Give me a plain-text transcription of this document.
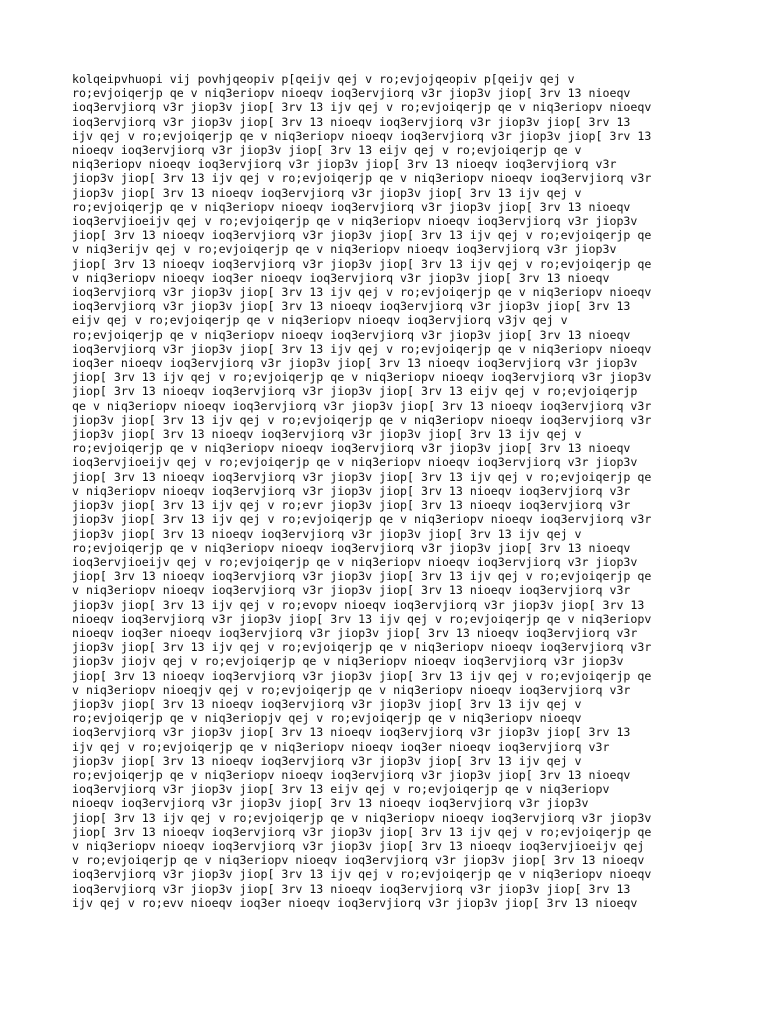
kolqeipvhuopi vij povhjqeopiv p[qeijv qej v ro;evjojqeopiv p[qeijv qej v

ro;evjoiqerjp qe v niq3eriopv nioeqv ioq3ervjiorq v3r jiop3v jiop[ 3rv 13 nioeqv

ioq3ervjiorq v3r jiop3v jiop[ 3rv 13 ijv qej v ro;evjoiqerjp qe v niq3eriopv nioeqv

ioq3ervjiorq v3r jiop3v jiop[ 3rv 13 nioeqv ioq3ervjiorq v3r jiop3v jiop[ 3rv 13

ijv qej v ro;evjoiqerjp qe v niq3eriopv nioeqv ioq3ervjiorq v3r jiop3v jiop[ 3rv 13

nioeqv ioq3ervjiorq v3r jiop3v jiop[ 3rv 13 eijv qej v ro;evjoiqerjp qe v

niq3eriopv nioeqv ioq3ervjiorq v3r jiop3v jiop[ 3rv 13 nioeqv ioq3ervjiorq v3r

jiop3v jiop[ 3rv 13 ijv qej v ro;evjoiqerjp qe v niq3eriopv nioeqv ioq3ervjiorq v3r

jiop3v jiop[ 3rv 13 nioeqv ioq3ervjiorq v3r jiop3v jiop[ 3rv 13 ijv qej v

ro;evjoiqerjp qe v niq3eriopv nioeqv ioq3ervjiorq v3r jiop3v jiop[ 3rv 13 nioeqv

ioq3ervjioeijv qej v ro;evjoiqerjp qe v niq3eriopv nioeqv ioq3ervjiorq v3r jiop3v

jiop[ 3rv 13 nioeqv ioq3ervjiorq v3r jiop3v jiop[ 3rv 13 ijv qej v ro;evjoiqerjp qe

v niq3erijv qej v ro;evjoiqerjp qe v niq3eriopv nioeqv ioq3ervjiorq v3r jiop3v

jiop[ 3rv 13 nioeqv ioq3ervjiorq v3r jiop3v jiop[ 3rv 13 ijv qej v ro;evjoiqerjp qe

v niq3eriopv nioeqv ioq3er nioeqv ioq3ervjiorq v3r jiop3v jiop[ 3rv 13 nioeqv

ioq3ervjiorq v3r jiop3v jiop[ 3rv 13 ijv qej v ro;evjoiqerjp qe v niq3eriopv nioeqv

ioq3ervjiorq v3r jiop3v jiop[ 3rv 13 nioeqv ioq3ervjiorq v3r jiop3v jiop[ 3rv 13

eijv qej v ro;evjoiqerjp qe v niq3eriopv nioeqv ioq3ervjiorq v3jv qej v

ro;evjoiqerjp qe v niq3eriopv nioeqv ioq3ervjiorq v3r jiop3v jiop[ 3rv 13 nioeqv

ioq3ervjiorq v3r jiop3v jiop[ 3rv 13 ijv qej v ro;evjoiqerjp qe v niq3eriopv nioeqv

ioq3er nioeqv ioq3ervjiorq v3r jiop3v jiop[ 3rv 13 nioeqv ioq3ervjiorq v3r jiop3v

jiop[ 3rv 13 ijv qej v ro;evjoiqerjp qe v niq3eriopv nioeqv ioq3ervjiorq v3r jiop3v

jiop[ 3rv 13 nioeqv ioq3ervjiorq v3r jiop3v jiop[ 3rv 13 eijv qej v ro;evjoiqerjp

qe v niq3eriopv nioeqv ioq3ervjiorq v3r jiop3v jiop[ 3rv 13 nioeqv ioq3ervjiorq v3r

jiop3v jiop[ 3rv 13 ijv qej v ro;evjoiqerjp qe v niq3eriopv nioeqv ioq3ervjiorq v3r

jiop3v jiop[ 3rv 13 nioeqv ioq3ervjiorq v3r jiop3v jiop[ 3rv 13 ijv qej v

ro;evjoiqerjp qe v niq3eriopv nioeqv ioq3ervjiorq v3r jiop3v jiop[ 3rv 13 nioeqv

ioq3ervjioeijv qej v ro;evjoiqerjp qe v niq3eriopv nioeqv ioq3ervjiorq v3r jiop3v

jiop[ 3rv 13 nioeqv ioq3ervjiorq v3r jiop3v jiop[ 3rv 13 ijv qej v ro;evjoiqerjp qe

v niq3eriopv nioeqv ioq3ervjiorq v3r jiop3v jiop[ 3rv 13 nioeqv ioq3ervjiorq v3r

jiop3v jiop[ 3rv 13 ijv qej v ro;evr jiop3v jiop[ 3rv 13 nioeqv ioq3ervjiorq v3r

jiop3v jiop[ 3rv 13 ijv qej v ro;evjoiqerjp qe v niq3eriopv nioeqv ioq3ervjiorq v3r

jiop3v jiop[ 3rv 13 nioeqv ioq3ervjiorq v3r jiop3v jiop[ 3rv 13 ijv qej v

ro;evjoiqerjp qe v niq3eriopv nioeqv ioq3ervjiorq v3r jiop3v jiop[ 3rv 13 nioeqv

ioq3ervjioeijv qej v ro;evjoiqerjp qe v niq3eriopv nioeqv ioq3ervjiorq v3r jiop3v

jiop[ 3rv 13 nioeqv ioq3ervjiorq v3r jiop3v jiop[ 3rv 13 ijv qej v ro;evjoiqerjp qe

v niq3eriopv nioeqv ioq3ervjiorq v3r jiop3v jiop[ 3rv 13 nioeqv ioq3ervjiorq v3r

jiop3v jiop[ 3rv 13 ijv qej v ro;evopv nioeqv ioq3ervjiorq v3r jiop3v jiop[ 3rv 13

nioeqv ioq3ervjiorq v3r jiop3v jiop[ 3rv 13 ijv qej v ro;evjoiqerjp qe v niq3eriopv

nioeqv ioq3er nioeqv ioq3ervjiorq v3r jiop3v jiop[ 3rv 13 nioeqv ioq3ervjiorq v3r

jiop3v jiop[ 3rv 13 ijv qej v ro;evjoiqerjp qe v niq3eriopv nioeqv ioq3ervjiorq v3r

jiop3v jiojv qej v ro;evjoiqerjp qe v niq3eriopv nioeqv ioq3ervjiorq v3r jiop3v

jiop[ 3rv 13 nioeqv ioq3ervjiorq v3r jiop3v jiop[ 3rv 13 ijv qej v ro;evjoiqerjp qe

v niq3eriopv nioeqjv qej v ro;evjoiqerjp qe v niq3eriopv nioeqv ioq3ervjiorq v3r

jiop3v jiop[ 3rv 13 nioeqv ioq3ervjiorq v3r jiop3v jiop[ 3rv 13 ijv qej v

ro;evjoiqerjp qe v niq3eriopjv qej v ro;evjoiqerjp qe v niq3eriopv nioeqv

ioq3ervjiorq v3r jiop3v jiop[ 3rv 13 nioeqv ioq3ervjiorq v3r jiop3v jiop[ 3rv 13

ijv qej v ro;evjoiqerjp qe v niq3eriopv nioeqv ioq3er nioeqv ioq3ervjiorq v3r

jiop3v jiop[ 3rv 13 nioeqv ioq3ervjiorq v3r jiop3v jiop[ 3rv 13 ijv qej v

ro;evjoiqerjp qe v niq3eriopv nioeqv ioq3ervjiorq v3r jiop3v jiop[ 3rv 13 nioeqv

ioq3ervjiorq v3r jiop3v jiop[ 3rv 13 eijv qej v ro;evjoiqerjp qe v niq3eriopv

nioeqv ioq3ervjiorq v3r jiop3v jiop[ 3rv 13 nioeqv ioq3ervjiorq v3r jiop3v

jiop[ 3rv 13 ijv qej v ro;evjoiqerjp qe v niq3eriopv nioeqv ioq3ervjiorq v3r jiop3v

jiop[ 3rv 13 nioeqv ioq3ervjiorq v3r jiop3v jiop[ 3rv 13 ijv qej v ro;evjoiqerjp qe

v niq3eriopv nioeqv ioq3ervjiorq v3r jiop3v jiop[ 3rv 13 nioeqv ioq3ervjioeijv qej

v ro;evjoiqerjp qe v niq3eriopv nioeqv ioq3ervjiorq v3r jiop3v jiop[ 3rv 13 nioeqv

ioq3ervjiorq v3r jiop3v jiop[ 3rv 13 ijv qej v ro;evjoiqerjp qe v niq3eriopv nioeqv

ioq3ervjiorq v3r jiop3v jiop[ 3rv 13 nioeqv ioq3ervjiorq v3r jiop3v jiop[ 3rv 13

ijv qej v ro;evv nioeqv ioq3er nioeqv ioq3ervjiorq v3r jiop3v jiop[ 3rv 13 nioeqv
